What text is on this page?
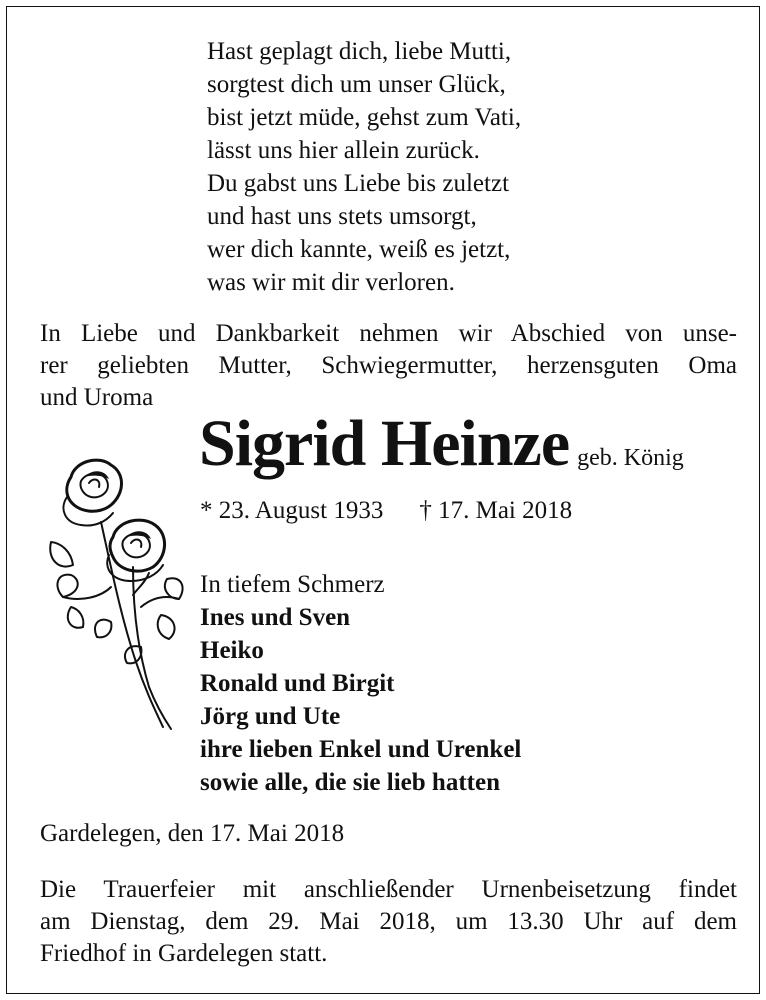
Hast geplagt dich, liebe Mutti,
sorgtest dich um unser Glück,
bist jetzt müde, gehst zum Vati,
lässt uns hier allein zurück.
Du gabst uns Liebe bis zuletzt
und hast uns stets umsorgt,
wer dich kannte, weiß es jetzt,
was wir mit dir verloren.
In Liebe und Dankbarkeit nehmen wir Abschied von unse-
rer geliebten Mutter, Schwiegermutter, herzensguten Oma
und Uroma
Sigrid Heinze geb. König
* 23. August 1933 † 17. Mai 2018
In tiefem Schmerz
Ines und Sven
Heiko
Ronald und Birgit
Jörg und Ute
ihre lieben Enkel und Urenkel
sowie alle, die sie lieb hatten
Gardelegen, den 17. Mai 2018
Die Trauerfeier mit anschließender Urnenbeisetzung findet
am Dienstag, dem 29. Mai 2018, um 13.30 Uhr auf dem
Friedhof in Gardelegen statt.
